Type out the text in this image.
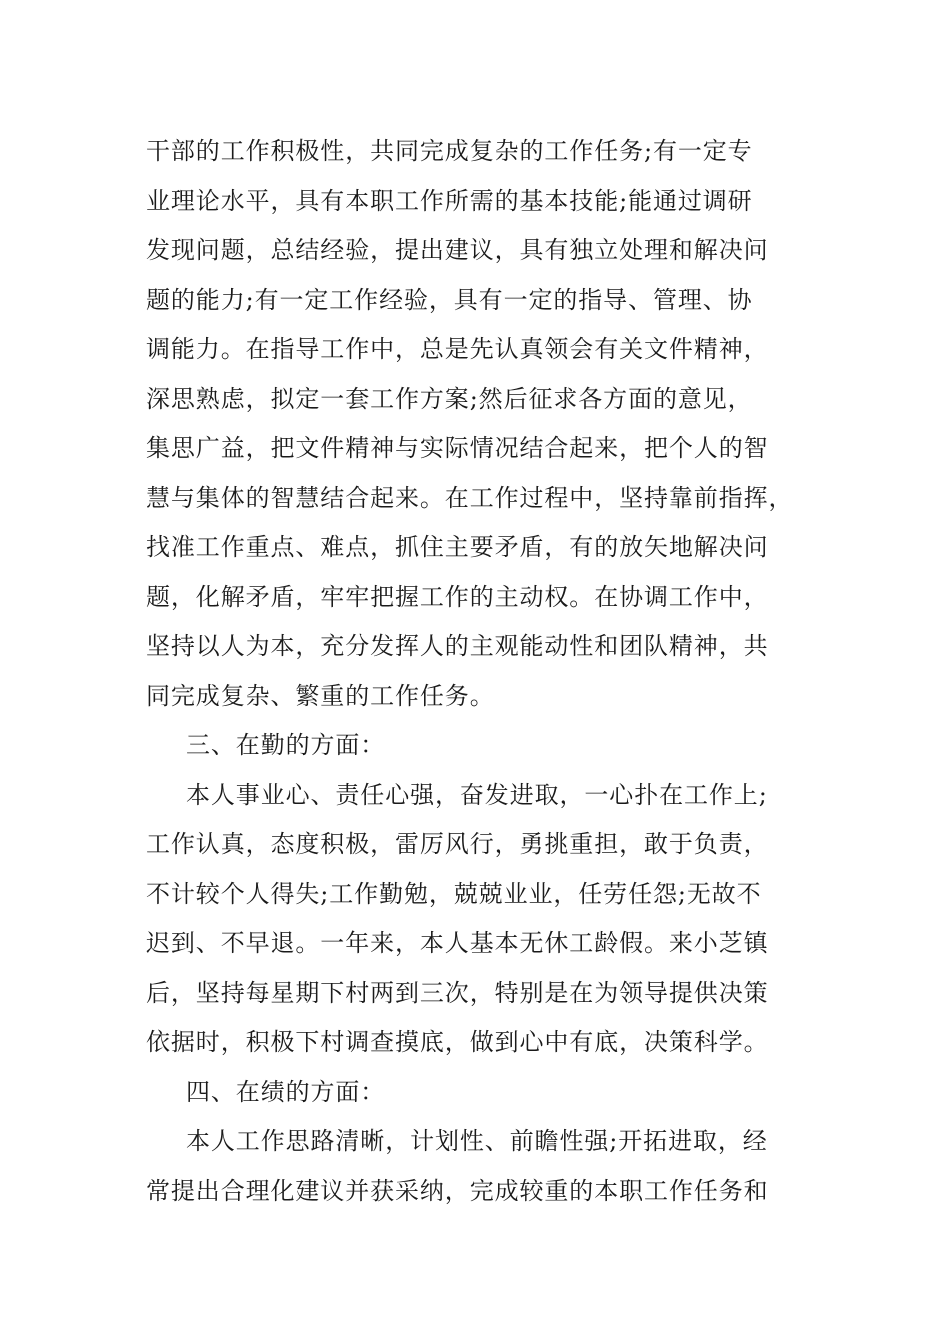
干部的工作积极性，共同完成复杂的工作任务;有一定专
业理论水平，具有本职工作所需的基本技能;能通过调研
发现问题，总结经验，提出建议，具有独立处理和解决问
题的能力;有一定工作经验，具有一定的指导、管理、协
调能力。在指导工作中，总是先认真领会有关文件精神，
深思熟虑，拟定一套工作方案;然后征求各方面的意见，
集思广益，把文件精神与实际情况结合起来，把个人的智
慧与集体的智慧结合起来。在工作过程中，坚持靠前指挥，
找准工作重点、难点，抓住主要矛盾，有的放矢地解决问
题，化解矛盾，牢牢把握工作的主动权。在协调工作中，
坚持以人为本，充分发挥人的主观能动性和团队精神，共
同完成复杂、繁重的工作任务。
三、在勤的方面：
本人事业心、责任心强，奋发进取，一心扑在工作上;
工作认真，态度积极，雷厉风行，勇挑重担，敢于负责，
不计较个人得失;工作勤勉，兢兢业业，任劳任怨;无故不
迟到、不早退。一年来，本人基本无休工龄假。来小芝镇
后，坚持每星期下村两到三次，特别是在为领导提供决策
依据时，积极下村调查摸底，做到心中有底，决策科学。
四、在绩的方面：
本人工作思路清晰，计划性、前瞻性强;开拓进取，经
常提出合理化建议并获采纳，完成较重的本职工作任务和
